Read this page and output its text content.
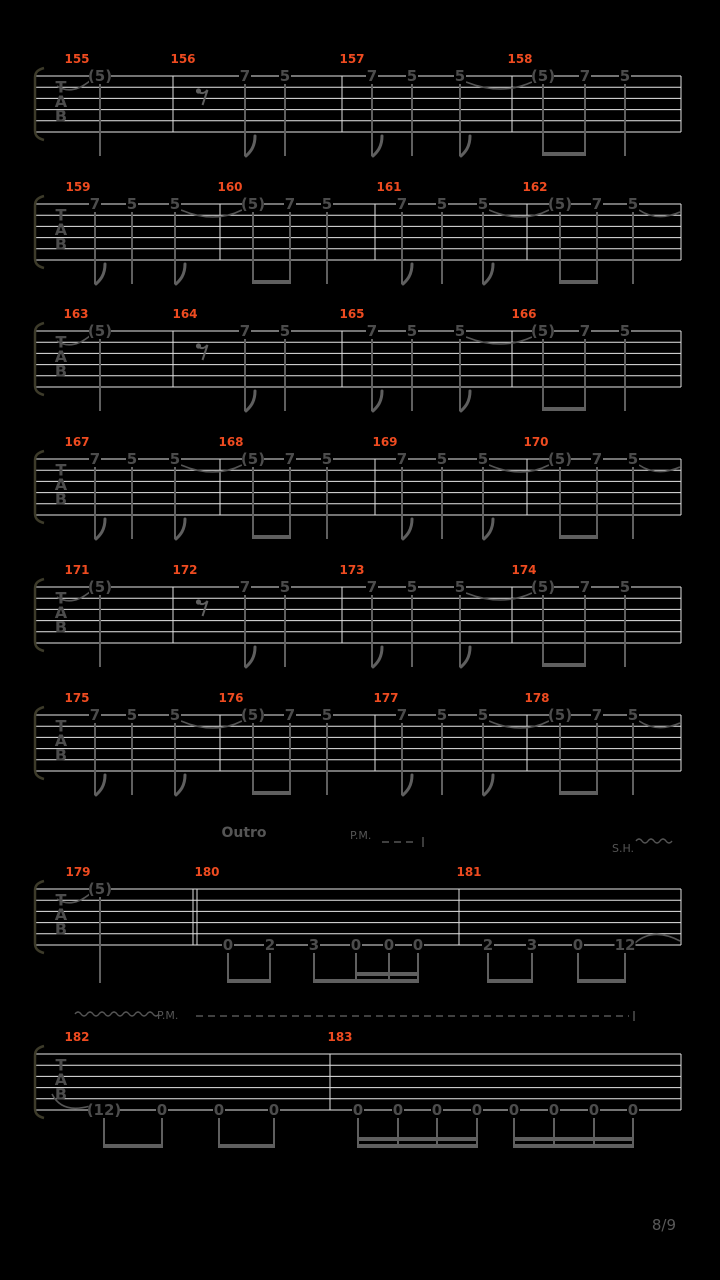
T
A
B
155	156	157	158
(5)	7 5	7 5	5	(5) 7 5
T
A
B
159	160	161	162
7 5 5	(5) 7 5	7 5 5	(5) 7 5
T
A
B
163	164	165	166
(5)	7 5	7 5	5	(5) 7 5
T
A
B
167	168	169	170
7 5 5	(5) 7 5	7 5 5	(5) 7 5
T
A
B
171	172	173	174
(5)	7 5	7 5	5	(5) 7 5
T
A
B
175	176	177	178
7 5 5	(5) 7 5	7 5 5	(5) 7 5
T
A
B
179	180	181
(5)
0 2 3 0 0 0	2 3 0 12
Outro	P.M.
S.H.
T
A
B
182	183
(12) 0	0	0	0 0 0 0 0 0 0 0
P.M.
8/9
